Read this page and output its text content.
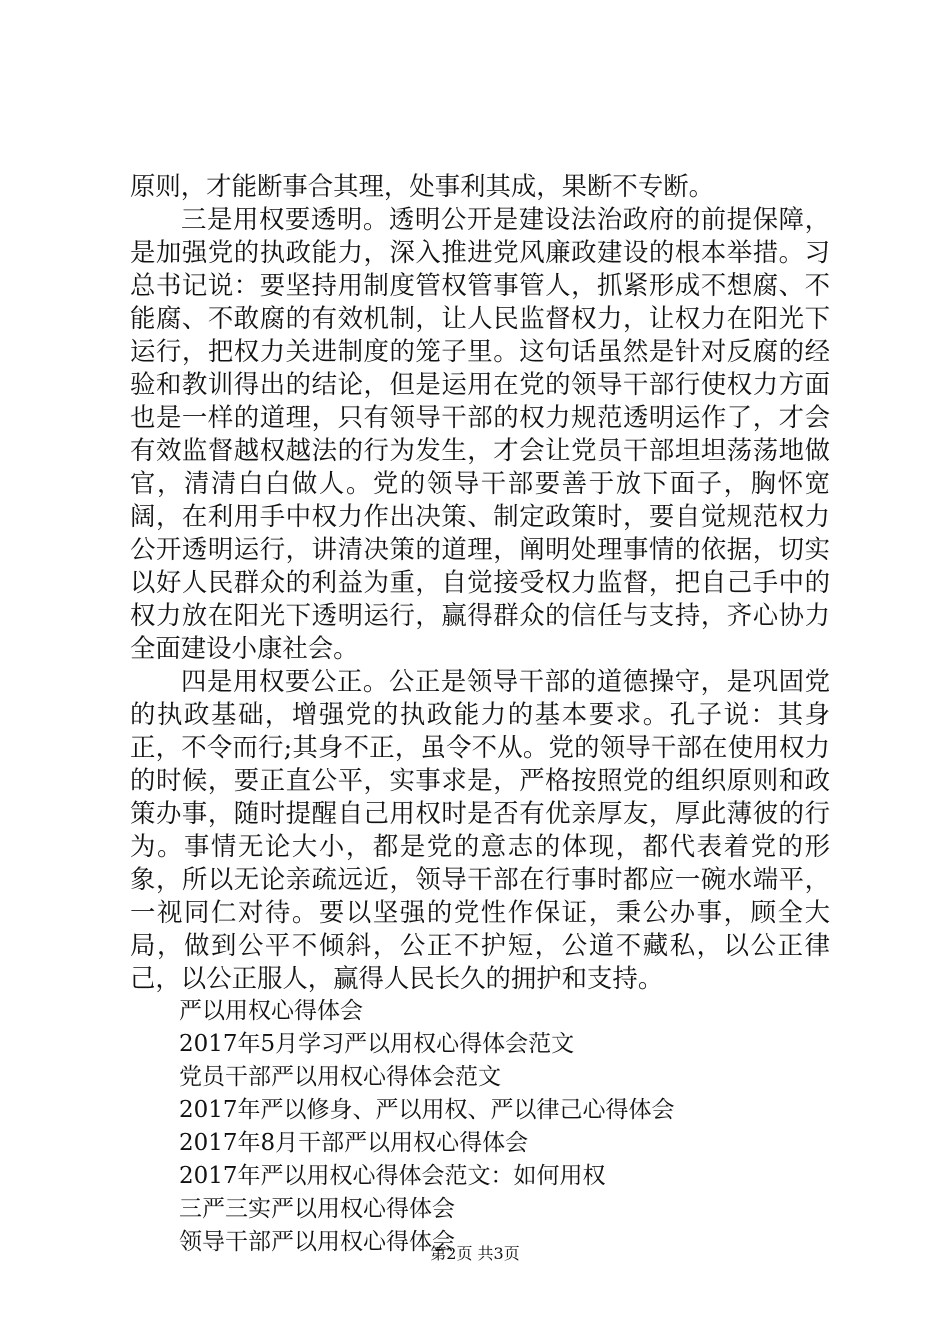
原则，才能断事合其理，处事利其成，果断不专断。

三是用权要透明。透明公开是建设法治政府的前提保障，是加强党的执政能力，深入推进党风廉政建设的根本举措。习总书记说：要坚持用制度管权管事管人，抓紧形成不想腐、不能腐、不敢腐的有效机制，让人民监督权力，让权力在阳光下运行，把权力关进制度的笼子里。这句话虽然是针对反腐的经验和教训得出的结论，但是运用在党的领导干部行使权力方面也是一样的道理，只有领导干部的权力规范透明运作了，才会有效监督越权越法的行为发生，才会让党员干部坦坦荡荡地做官，清清白白做人。党的领导干部要善于放下面子，胸怀宽阔，在利用手中权力作出决策、制定政策时，要自觉规范权力公开透明运行，讲清决策的道理，阐明处理事情的依据，切实以好人民群众的利益为重，自觉接受权力监督，把自己手中的权力放在阳光下透明运行，赢得群众的信任与支持，齐心协力全面建设小康社会。

四是用权要公正。公正是领导干部的道德操守，是巩固党的执政基础，增强党的执政能力的基本要求。孔子说：其身正，不令而行;其身不正，虽令不从。党的领导干部在使用权力的时候，要正直公平，实事求是，严格按照党的组织原则和政策办事，随时提醒自己用权时是否有优亲厚友，厚此薄彼的行为。事情无论大小，都是党的意志的体现，都代表着党的形象，所以无论亲疏远近，领导干部在行事时都应一碗水端平，一视同仁对待。要以坚强的党性作保证，秉公办事，顾全大局，做到公平不倾斜，公正不护短，公道不藏私，以公正律己，以公正服人，赢得人民长久的拥护和支持。

严以用权心得体会
2017年5月学习严以用权心得体会范文
党员干部严以用权心得体会范文
2017年严以修身、严以用权、严以律己心得体会
2017年8月干部严以用权心得体会
2017年严以用权心得体会范文：如何用权
三严三实严以用权心得体会
领导干部严以用权心得体会
第2页 共3页
